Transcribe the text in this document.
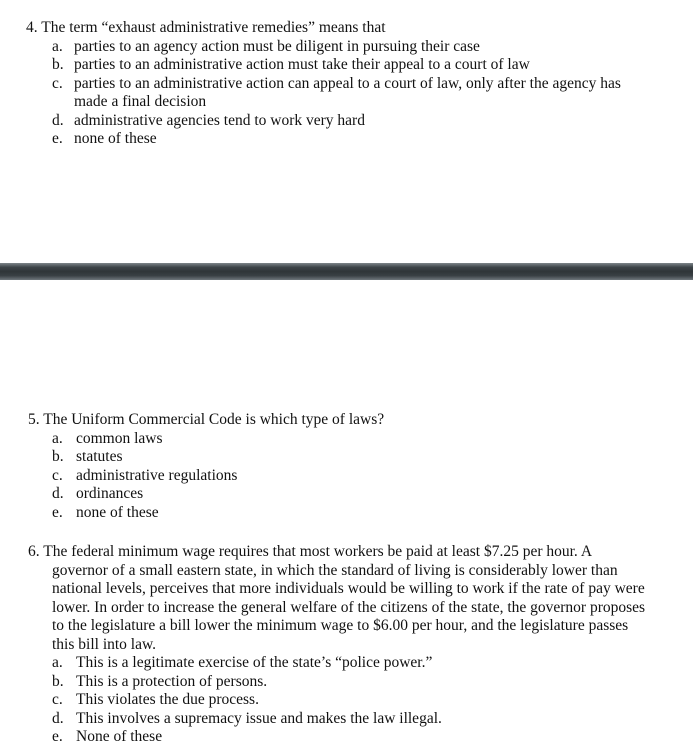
4. The term “exhaust administrative remedies” means that
a. parties to an agency action must be diligent in pursuing their case
b. parties to an administrative action must take their appeal to a court of law
c. parties to an administrative action can appeal to a court of law, only after the agency has made a final decision
d. administrative agencies tend to work very hard
e. none of these
5. The Uniform Commercial Code is which type of laws?
a. common laws
b. statutes
c. administrative regulations
d. ordinances
e. none of these
6. The federal minimum wage requires that most workers be paid at least $7.25 per hour. A
governor of a small eastern state, in which the standard of living is considerably lower than national levels, perceives that more individuals would be willing to work if the rate of pay were lower. In order to increase the general welfare of the citizens of the state, the governor proposes to the legislature a bill lower the minimum wage to $6.00 per hour, and the legislature passes this bill into law.
a. This is a legitimate exercise of the state’s “police power.”
b. This is a protection of persons.
c. This violates the due process.
d. This involves a supremacy issue and makes the law illegal.
e. None of these
